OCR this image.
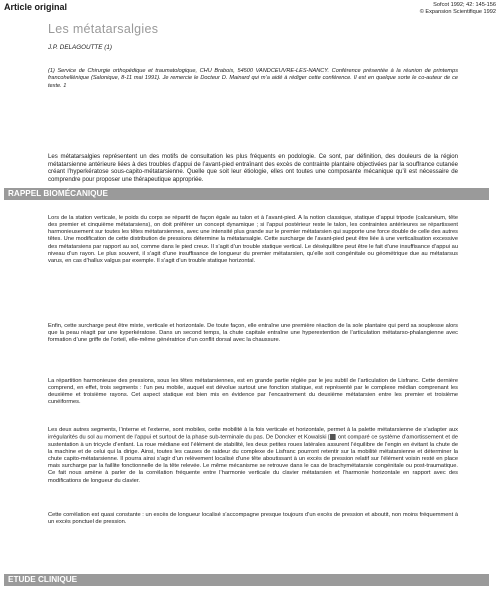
Article original	Sofcot 1992; 42: 145-156
© Expansion Scientifique 1992
Les métatarsalgies
J.P. DELAGOUTTE (1)
(1) Service de Chirurgie orthopédique et traumatologique, CHU Brabois, 54500 VANDCEUVRE-LES-NANCY. Conférence présentée à la réunion de printemps francohellénique (Salonique, 8-11 mai 1991). Je remercie le Docteur D. Mainard qui m’a aidé à rédiger cette conférence. Il est en quelque sorte le co-auteur de ce texte. 1
Les métatarsalgies représentent un des motifs de consultation les plus fréquents en podologie. Ce sont, par définition, des douleurs de la région métatarsienne antérieure liées à des troubles d’appui de l’avant-pied entraînant des excès de contrainte plantaire objectivées par la souffrance cutanée créant l’hyperkératose sous-capito-métatarsienne. Quelle que soit leur étiologie, elles ont toutes une composante mécanique qu’il est nécessaire de comprendre pour proposer une thérapeutique appropriée.
RAPPEL BIOMÉCANIQUE
Lors de la station verticale, le poids du corps se répartit de façon égale au talon et à l’avant-pied. A la notion classique, statique d’appui tripode (calcanéum, tête des premier et cinquième métatarsiens), on doit préférer un concept dynamique ; si l’appui postérieur reste le talon, les contraintes antérieures se répartissent harmonieusement sur toutes les têtes métatarsiennes, avec une intensité plus grande sur le premier métatarsien qui supporte une force double de celle des autres têtes. Une modification de cette distribution de pressions détermine la métatarsalgie. Cette surcharge de l’avant-pied peut être liée à une verticalisation excessive des métatarsiens par rapport au sol, comme dans le pied creux. Il s’agit d’un trouble statique vertical. Le déséquilibre peut être le fait d’une insuffisance d’appui au niveau d’un rayon. Le plus souvent, il s’agit d’une insuffisance de longueur du premier métatarsien, qu’elle soit congénitale ou géométrique due au métatarsus varus, en cas d’hallux valgus par exemple. Il s’agit d’un trouble statique horizontal.
Enfin, cette surcharge peut être mixte, verticale et horizontale. De toute façon, elle entraîne une première réaction de la sole plantaire qui perd sa souplesse alors que la peau réagit par une kyperkératose. Dans un second temps, la chute capitale entraîne une hyperextention de l’articulation métatarso-phalangienne avec formation d’une griffe de l’orteil, elle-même génératrice d’un conflit dorsal avec la chaussure.
La répartition harmonieuse des pressions, sous les têtes métatarsiennes, est en grande partie réglée par le jeu subtil de l’articulation de Lisfranc. Cette dernière comprend, en effet, trois segments : l’un peu mobile, auquel est dévolue surtout une fonction statique, est représenté par le complexe médian comprenant les deuxième et troisième rayons. Cet aspect statique est bien mis en évidence par l’encastrement du deuxième métatarsien entre les premier et troisième cunéiformes.
Les deux autres segments, l’interne et l’externe, sont mobiles, cette mobilité à la fois verticale et horizontale, permet à la palette métatarsienne de s’adapter aux irrégularités du sol au moment de l’appui et surtout de la phase sub-terminale du pas. De Doncker et Kowalski [ ] ont comparé ce système d’amortissement et de sustentation à un tricycle d’enfant. La roue médiane est l’élément de stabilité, les deux petites roues latérales assurent l’équilibre de l’engin en évitant la chute de la machine et de celui qui la dirige. Ainsi, toutes les causes de raideur du complexe de Lisfranc pourront retentir sur la mobilité métatarsienne et déterminer la chute capito-métatarsienne. Il pourra ainsi s’agir d’un relèvement localisé d’une tête aboutissant à un excès de pression relatif sur l’élément voisin resté en place mais surcharge par la faillite fonctionnelle de la tête relevée. Le même mécanisme se retrouve dans le cas de brachymétatarsie congénitale ou post-traumatique. Ce fait nous amène à parler de la corrélation fréquente entre l’harmonie verticale du clavier métatarsien et l’harmonie horizontale en rapport avec des modifications de longueur du clavier.
Cette corrélation est quasi constante : un excès de longueur localisé s’accompagne presque toujours d’un excès de pression et aboutit, non moins fréquemment à un excès ponctuel de pression.
ETUDE CLINIQUE
